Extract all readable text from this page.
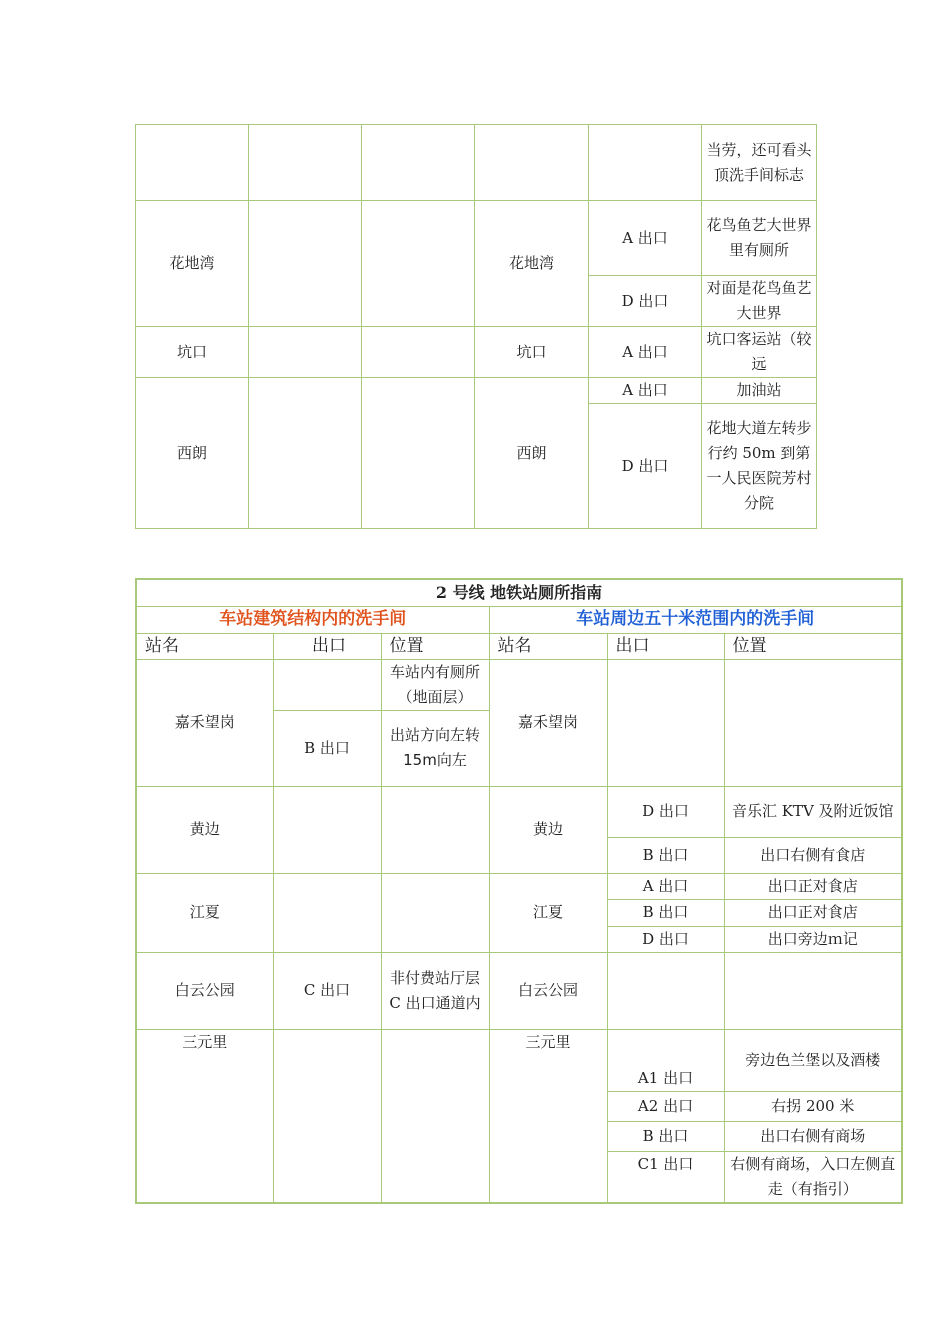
					当劳，还可看头顶洗手间标志
花地湾			花地湾	A 出口	花鸟鱼艺大世界里有厕所
				D 出口	对面是花鸟鱼艺大世界
坑口			坑口	A 出口	坑口客运站（较远
西朗			西朗	A 出口	加油站
				D 出口	花地大道左转步行约 50m 到第一人民医院芳村分院
2 号线 地铁站厕所指南					
车站建筑结构内的洗手间			车站周边五十米范围内的洗手间		
站名	出口	位置	站名	出口	位置
嘉禾望岗		车站内有厕所（地面层）	嘉禾望岗		
	B 出口	出站方向左转15m向左			
黄边			黄边	D 出口	音乐汇 KTV 及附近饭馆
				B 出口	出口右侧有食店
江夏			江夏	A 出口	出口正对食店
				B 出口	出口正对食店
				D 出口	出口旁边ｍ记
白云公园	C 出口	非付费站厅层 C 出口通道内	白云公园		
三元里			三元里	A1 出口	旁边色兰堡以及酒楼
				A2 出口	右拐 200 米
				B 出口	出口右侧有商场
				C1 出口	右侧有商场，入口左侧直走（有指引）
